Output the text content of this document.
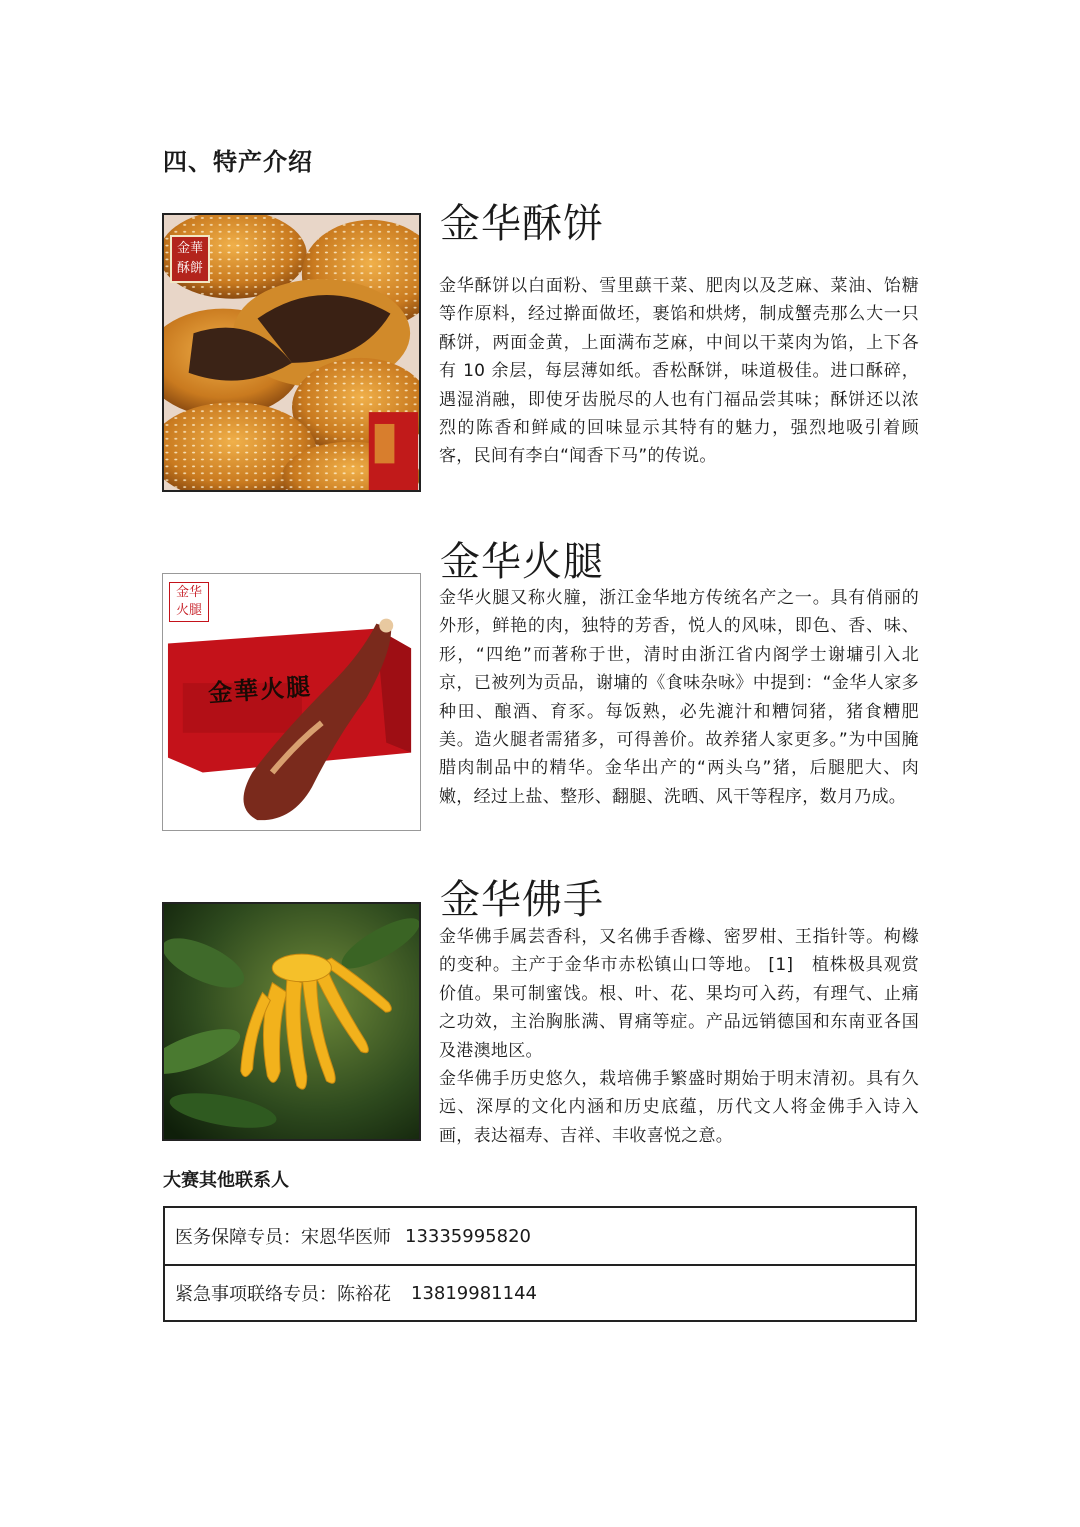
四、特产介绍
金華
酥餅
金华酥饼

金华酥饼以白面粉、雪里蕻干菜、肥肉以及芝麻、菜油、饴糖等作原料，经过擀面做坯，裹馅和烘烤，制成蟹壳那么大一只酥饼，两面金黄，上面满布芝麻，中间以干菜肉为馅，上下各有 10 余层，每层薄如纸。香松酥饼，味道极佳。进口酥碎，遇湿消融，即使牙齿脱尽的人也有门福品尝其味；酥饼还以浓烈的陈香和鲜咸的回味显示其特有的魅力，强烈地吸引着顾客，民间有李白“闻香下马”的传说。

金华
火腿
金華火腿
金华火腿

金华火腿又称火膧，浙江金华地方传统名产之一。具有俏丽的外形，鲜艳的肉，独特的芳香，悦人的风味，即色、香、味、形，“四绝”而著称于世，清时由浙江省内阁学士谢墉引入北京，已被列为贡品，谢墉的《食味杂咏》中提到：“金华人家多种田、酿酒、育豕。每饭熟，必先漉汁和糟饲猪，猪食糟肥美。造火腿者需猪多，可得善价。故养猪人家更多。”为中国腌腊肉制品中的精华。金华出产的“两头乌”猪，后腿肥大、肉嫩，经过上盐、整形、翻腿、洗晒、风干等程序，数月乃成。

金华佛手

金华佛手属芸香科，又名佛手香橼、密罗柑、王指针等。枸橼的变种。主产于金华市赤松镇山口等地。 [1]　植株极具观赏价值。果可制蜜饯。根、叶、花、果均可入药，有理气、止痛之功效，主治胸胀满、胃痛等症。产品远销德国和东南亚各国及港澳地区。

金华佛手历史悠久，栽培佛手繁盛时期始于明末清初。具有久远、深厚的文化内涵和历史底蕴，历代文人将金佛手入诗入画，表达福寿、吉祥、丰收喜悦之意。

大赛其他联系人
医务保障专员：宋恩华医师 13335995820
紧急事项联络专员：陈裕花 13819981144
